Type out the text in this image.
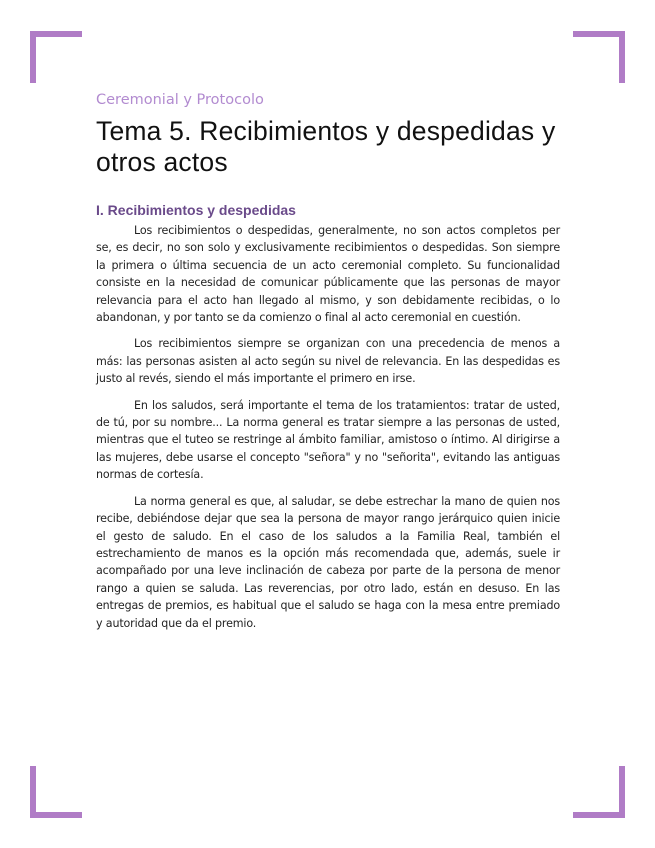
Ceremonial y Protocolo
Tema 5. Recibimientos y despedidas y otros actos
I. Recibimientos y despedidas

Los recibimientos o despedidas, generalmente, no son actos completos per se, es decir, no son solo y exclusivamente recibimientos o despedidas. Son siempre la primera o última secuencia de un acto ceremonial completo. Su funcionalidad consiste en la necesidad de comunicar públicamente que las personas de mayor relevancia para el acto han llegado al mismo, y son debidamente recibidas, o lo abandonan, y por tanto se da comienzo o final al acto ceremonial en cuestión.

Los recibimientos siempre se organizan con una precedencia de menos a más: las personas asisten al acto según su nivel de relevancia. En las despedidas es justo al revés, siendo el más importante el primero en irse.

En los saludos, será importante el tema de los tratamientos: tratar de usted, de tú, por su nombre... La norma general es tratar siempre a las personas de usted, mientras que el tuteo se restringe al ámbito familiar, amistoso o íntimo. Al dirigirse a las mujeres, debe usarse el concepto "señora" y no "señorita", evitando las antiguas normas de cortesía.

La norma general es que, al saludar, se debe estrechar la mano de quien nos recibe, debiéndose dejar que sea la persona de mayor rango jerárquico quien inicie el gesto de saludo. En el caso de los saludos a la Familia Real, también el estrechamiento de manos es la opción más recomendada que, además, suele ir acompañado por una leve inclinación de cabeza por parte de la persona de menor rango a quien se saluda. Las reverencias, por otro lado, están en desuso. En las entregas de premios, es habitual que el saludo se haga con la mesa entre premiado y autoridad que da el premio.
